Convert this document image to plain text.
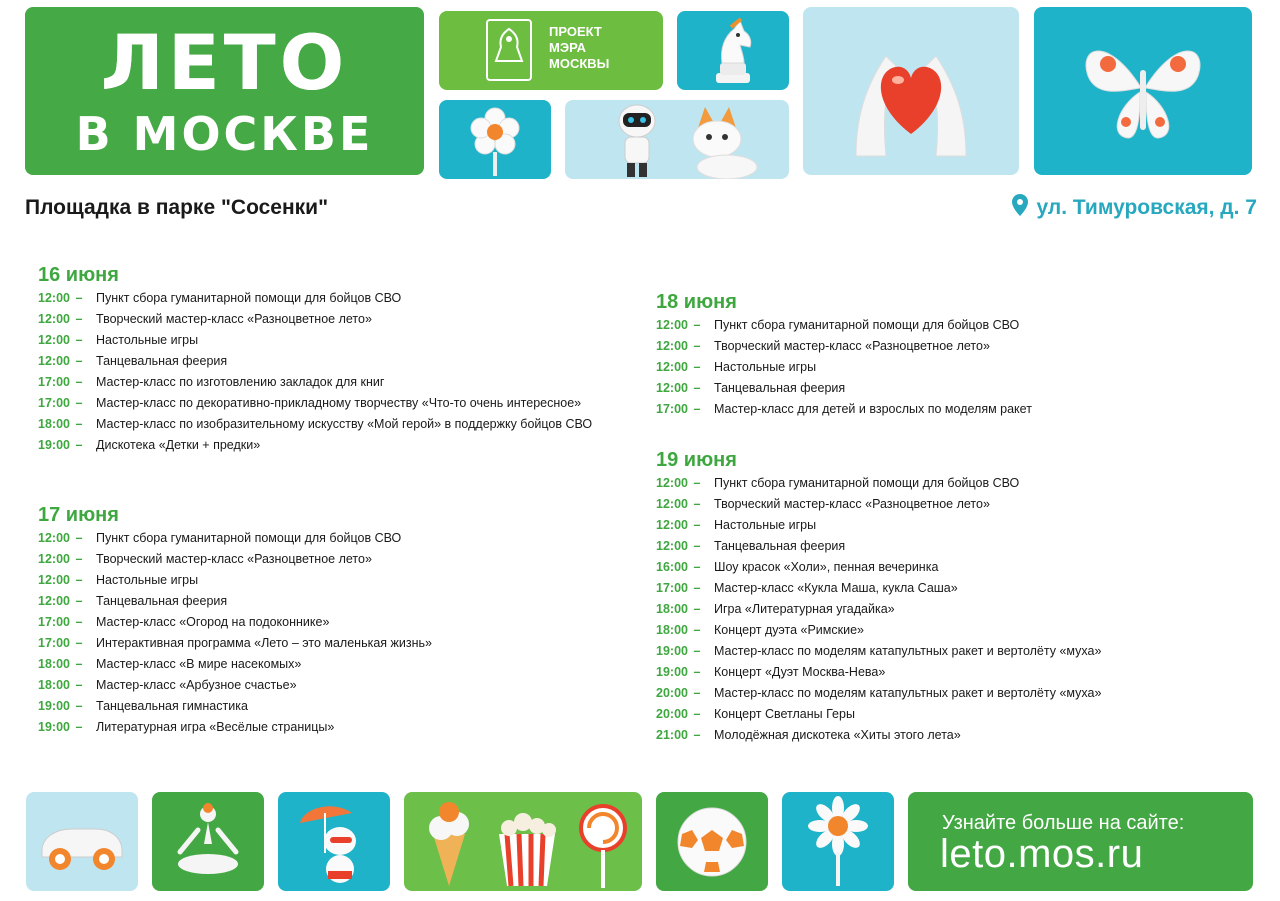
ЛЕТО
В МОСКВЕ
ПРОЕКТ
МЭРА
МОСКВЫ
Площадка в парке "Сосенки"	ул. Тимуровская, д. 7
16 июня
12:00 –	Пункт сбора гуманитарной помощи для бойцов СВО
12:00 –	Творческий мастер-класс «Разноцветное лето»
12:00 –	Настольные игры
12:00 –	Танцевальная феерия
17:00 –	Мастер-класс по изготовлению закладок для книг
17:00 –	Мастер-класс по декоративно-прикладному творчеству «Что-то очень интересное»
18:00 –	Мастер-класс по изобразительному искусству «Мой герой» в поддержку бойцов СВО
19:00 –	Дискотека «Детки + предки»
17 июня
12:00 –	Пункт сбора гуманитарной помощи для бойцов СВО
12:00 –	Творческий мастер-класс «Разноцветное лето»
12:00 –	Настольные игры
12:00 –	Танцевальная феерия
17:00 –	Мастер-класс «Огород на подоконнике»
17:00 –	Интерактивная программа «Лето – это маленькая жизнь»
18:00 –	Мастер-класс «В мире насекомых»
18:00 –	Мастер-класс «Арбузное счастье»
19:00 –	Танцевальная гимнастика
19:00 –	Литературная игра «Весёлые страницы»
18 июня
12:00 –	Пункт сбора гуманитарной помощи для бойцов СВО
12:00 –	Творческий мастер-класс «Разноцветное лето»
12:00 –	Настольные игры
12:00 –	Танцевальная феерия
17:00 –	Мастер-класс для детей и взрослых по моделям ракет
19 июня
12:00 –	Пункт сбора гуманитарной помощи для бойцов СВО
12:00 –	Творческий мастер-класс «Разноцветное лето»
12:00 –	Настольные игры
12:00 –	Танцевальная феерия
16:00 –	Шоу красок «Холи», пенная вечеринка
17:00 –	Мастер-класс «Кукла Маша, кукла Саша»
18:00 –	Игра «Литературная угадайка»
18:00 –	Концерт дуэта «Римские»
19:00 –	Мастер-класс по моделям катапультных ракет и вертолёту «муха»
19:00 –	Концерт «Дуэт Москва-Нева»
20:00 –	Мастер-класс по моделям катапультных ракет и вертолёту «муха»
20:00 –	Концерт Светланы Геры
21:00 –	Молодёжная дискотека «Хиты этого лета»
Узнайте больше на сайте:
leto.mos.ru
